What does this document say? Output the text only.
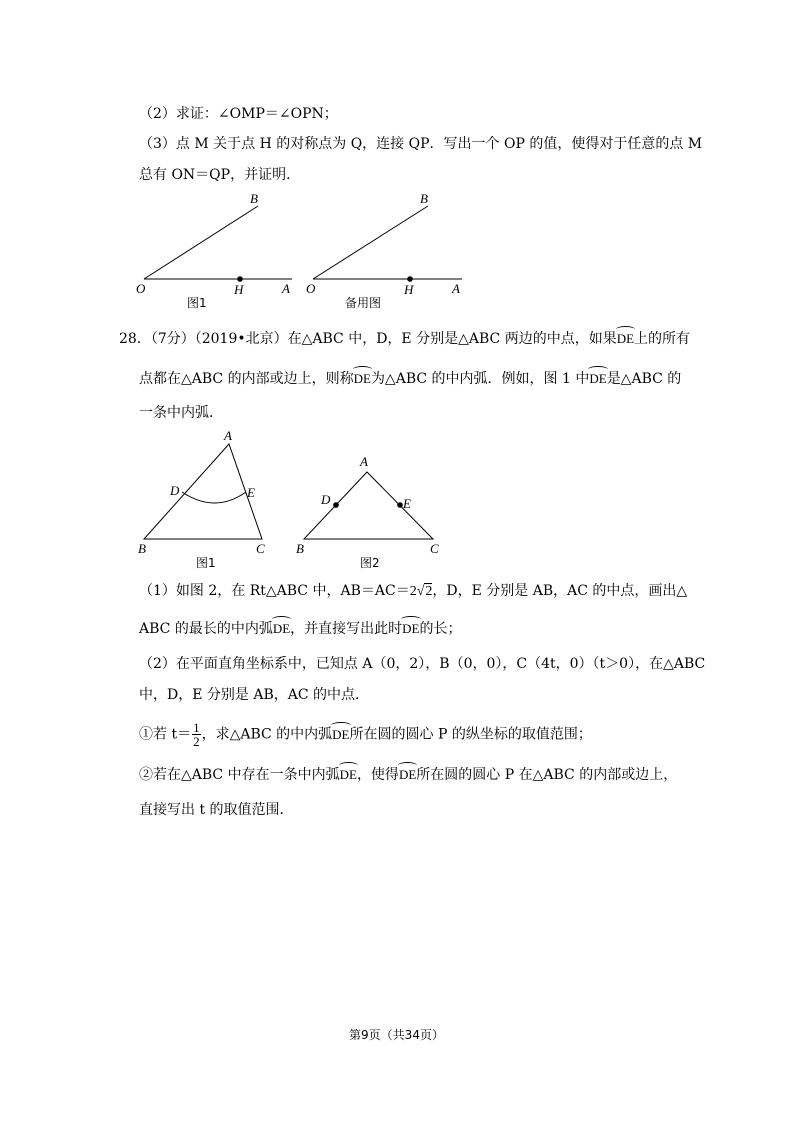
（2）求证：∠OMP＝∠OPN；
（3）点 M 关于点 H 的对称点为 Q，连接 QP．写出一个 OP 的值，使得对于任意的点 M
总有 ON＝QP，并证明．
O	H	A
B
图1
O	H	A
B
备用图
28．（7分）（2019•北京）在△ABC 中，D，E 分别是△ABC 两边的中点，如果DE上的所有
点都在△ABC 的内部或边上，则称DE为△ABC 的中内弧．例如，图 1 中DE是△ABC 的
一条中内弧．
A
D	E
B	C
图1
A
D	E
B	C
图2
（1）如图 2，在 Rt△ABC 中，AB＝AC＝2√2，D，E 分别是 AB，AC 的中点，画出△
ABC 的最长的中内弧DE，并直接写出此时DE的长；
（2）在平面直角坐标系中，已知点 A（0，2），B（0，0），C（4t，0）（t＞0），在△ABC
中，D，E 分别是 AB，AC 的中点．
①若 $t= \frac{1}{2}$ ，求△ABC 的中内弧DE所在圆的圆心 P 的纵坐标的取值范围；
②若在△ABC 中存在一条中内弧DE，使得DE所在圆的圆心 P 在△ABC 的内部或边上，
直接写出 t 的取值范围．
第9页（共34页）
